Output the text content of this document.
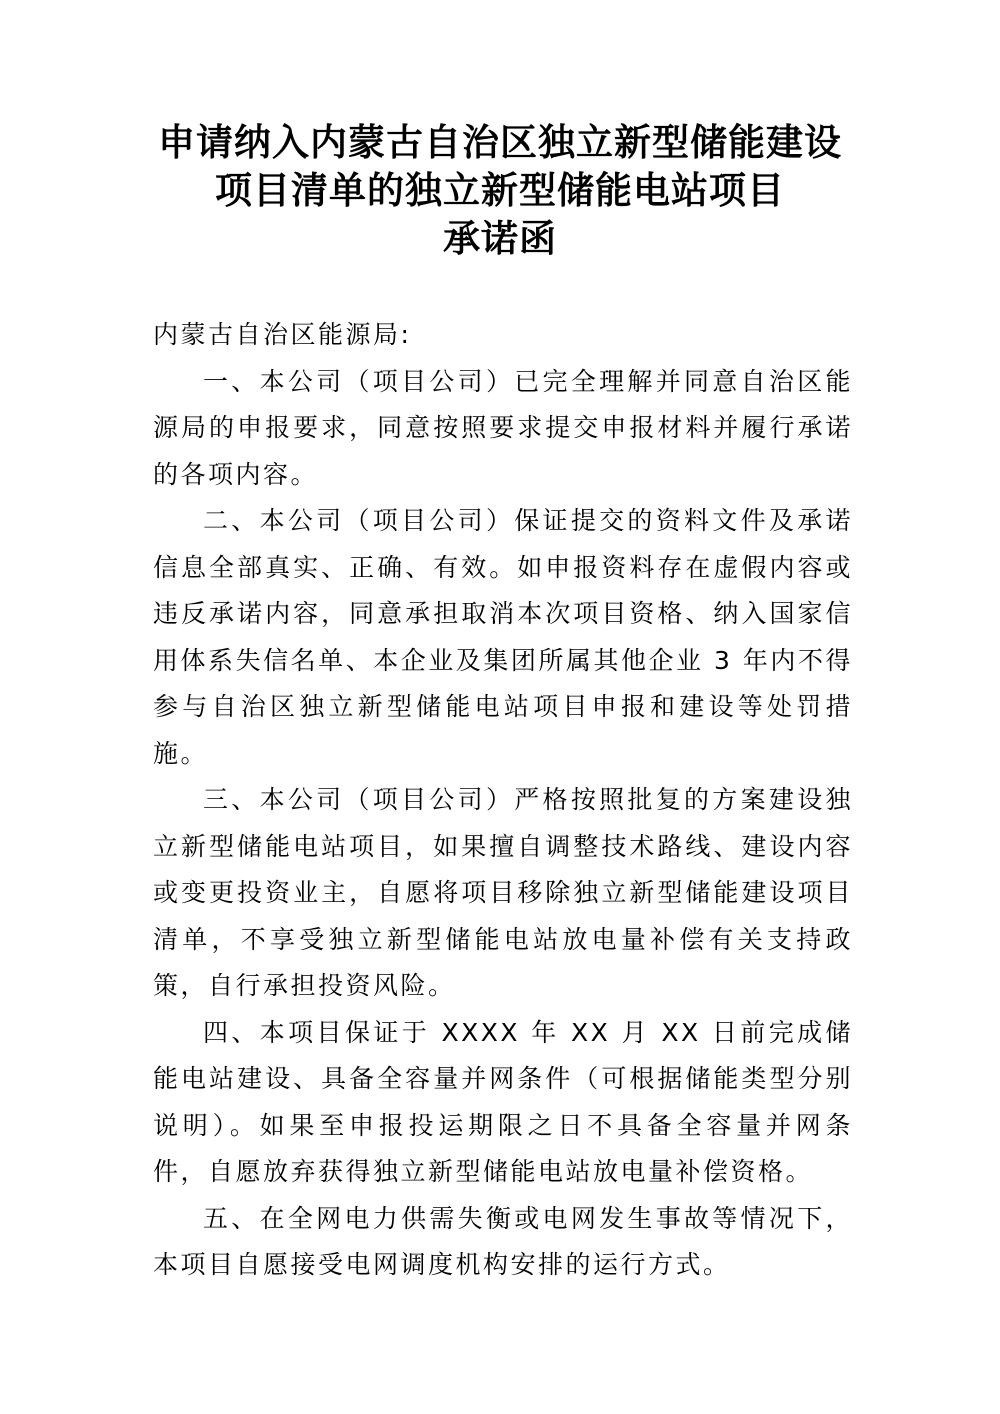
申请纳入内蒙古自治区独立新型储能建设
项目清单的独立新型储能电站项目
承诺函

内蒙古自治区能源局:

一、本公司（项目公司）已完全理解并同意自治区能源局的申报要求，同意按照要求提交申报材料并履行承诺的各项内容。

二、本公司（项目公司）保证提交的资料文件及承诺信息全部真实、正确、有效。如申报资料存在虚假内容或违反承诺内容，同意承担取消本次项目资格、纳入国家信用体系失信名单、本企业及集团所属其他企业 3 年内不得参与自治区独立新型储能电站项目申报和建设等处罚措施。

三、本公司（项目公司）严格按照批复的方案建设独立新型储能电站项目，如果擅自调整技术路线、建设内容或变更投资业主，自愿将项目移除独立新型储能建设项目清单，不享受独立新型储能电站放电量补偿有关支持政策，自行承担投资风险。

四、本项目保证于 XXXX 年 XX 月 XX 日前完成储能电站建设、具备全容量并网条件（可根据储能类型分别说明）。如果至申报投运期限之日不具备全容量并网条件，自愿放弃获得独立新型储能电站放电量补偿资格。

五、在全网电力供需失衡或电网发生事故等情况下，本项目自愿接受电网调度机构安排的运行方式。
